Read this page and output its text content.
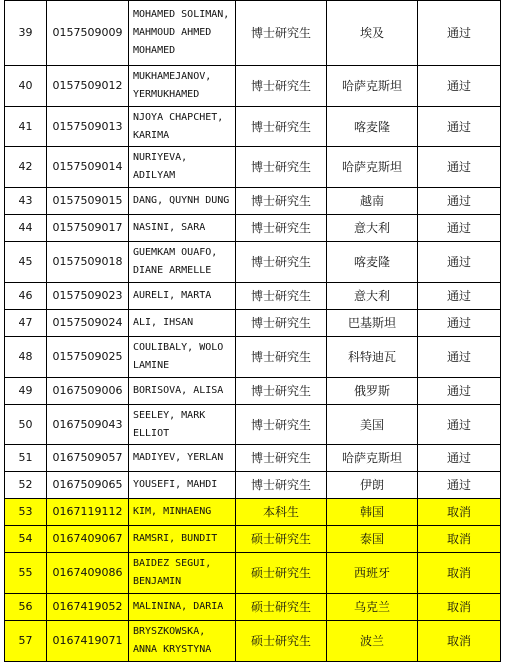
39	0157509009	MOHAMED SOLIMAN,
MAHMOUD AHMED
MOHAMED	博士研究生	埃及	通过
40	0157509012	MUKHAMEJANOV,
YERMUKHAMED	博士研究生	哈萨克斯坦	通过
41	0157509013	NJOYA CHAPCHET,
KARIMA	博士研究生	喀麦隆	通过
42	0157509014	NURIYEVA,
ADILYAM	博士研究生	哈萨克斯坦	通过
43	0157509015	DANG, QUYNH DUNG	博士研究生	越南	通过
44	0157509017	NASINI, SARA	博士研究生	意大利	通过
45	0157509018	GUEMKAM OUAFO,
DIANE ARMELLE	博士研究生	喀麦隆	通过
46	0157509023	AURELI, MARTA	博士研究生	意大利	通过
47	0157509024	ALI, IHSAN	博士研究生	巴基斯坦	通过
48	0157509025	COULIBALY, WOLO
LAMINE	博士研究生	科特迪瓦	通过
49	0167509006	BORISOVA, ALISA	博士研究生	俄罗斯	通过
50	0167509043	SEELEY, MARK
ELLIOT	博士研究生	美国	通过
51	0167509057	MADIYEV, YERLAN	博士研究生	哈萨克斯坦	通过
52	0167509065	YOUSEFI, MAHDI	博士研究生	伊朗	通过
53	0167119112	KIM, MINHAENG	本科生	韩国	取消
54	0167409067	RAMSRI, BUNDIT	硕士研究生	泰国	取消
55	0167409086	BAIDEZ SEGUI,
BENJAMIN	硕士研究生	西班牙	取消
56	0167419052	MALININA, DARIA	硕士研究生	乌克兰	取消
57	0167419071	BRYSZKOWSKA,
ANNA KRYSTYNA	硕士研究生	波兰	取消
